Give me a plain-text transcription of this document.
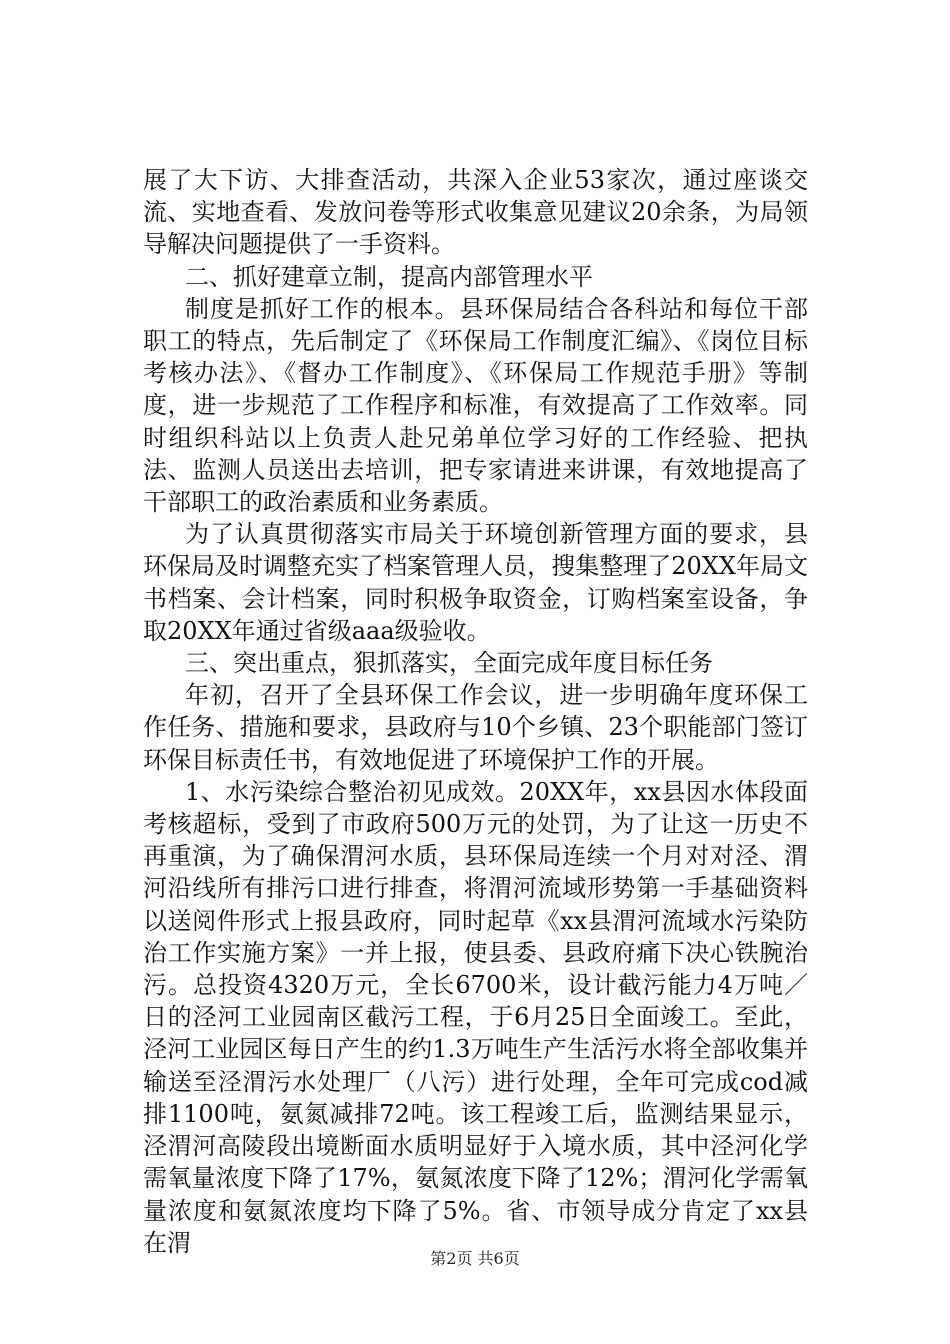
展了大下访、大排查活动，共深入企业53家次，通过座谈交流、实地查看、发放问卷等形式收集意见建议20余条，为局领导解决问题提供了一手资料。

二、抓好建章立制，提高内部管理水平

制度是抓好工作的根本。县环保局结合各科站和每位干部职工的特点，先后制定了《环保局工作制度汇编》、《岗位目标考核办法》、《督办工作制度》、《环保局工作规范手册》等制度，进一步规范了工作程序和标准，有效提高了工作效率。同时组织科站以上负责人赴兄弟单位学习好的工作经验、把执法、监测人员送出去培训，把专家请进来讲课，有效地提高了干部职工的政治素质和业务素质。

为了认真贯彻落实市局关于环境创新管理方面的要求，县环保局及时调整充实了档案管理人员，搜集整理了20XX年局文书档案、会计档案，同时积极争取资金，订购档案室设备，争取20XX年通过省级aaa级验收。

三、突出重点，狠抓落实，全面完成年度目标任务

年初，召开了全县环保工作会议，进一步明确年度环保工作任务、措施和要求，县政府与10个乡镇、23个职能部门签订环保目标责任书，有效地促进了环境保护工作的开展。

1、水污染综合整治初见成效。20XX年，xx县因水体段面考核超标，受到了市政府500万元的处罚，为了让这一历史不再重演，为了确保渭河水质，县环保局连续一个月对对泾、渭河沿线所有排污口进行排查，将渭河流域形势第一手基础资料以送阅件形式上报县政府，同时起草《xx县渭河流域水污染防治工作实施方案》一并上报，使县委、县政府痛下决心铁腕治污。总投资4320万元，全长6700米，设计截污能力4万吨／日的泾河工业园南区截污工程，于6月25日全面竣工。至此，泾河工业园区每日产生的约1.3万吨生产生活污水将全部收集并输送至泾渭污水处理厂（八污）进行处理，全年可完成cod减排1100吨，氨氮减排72吨。该工程竣工后，监测结果显示，泾渭河高陵段出境断面水质明显好于入境水质，其中泾河化学需氧量浓度下降了17%，氨氮浓度下降了12%；渭河化学需氧量浓度和氨氮浓度均下降了5%。省、市领导成分肯定了xx县在渭

第2页 共6页
